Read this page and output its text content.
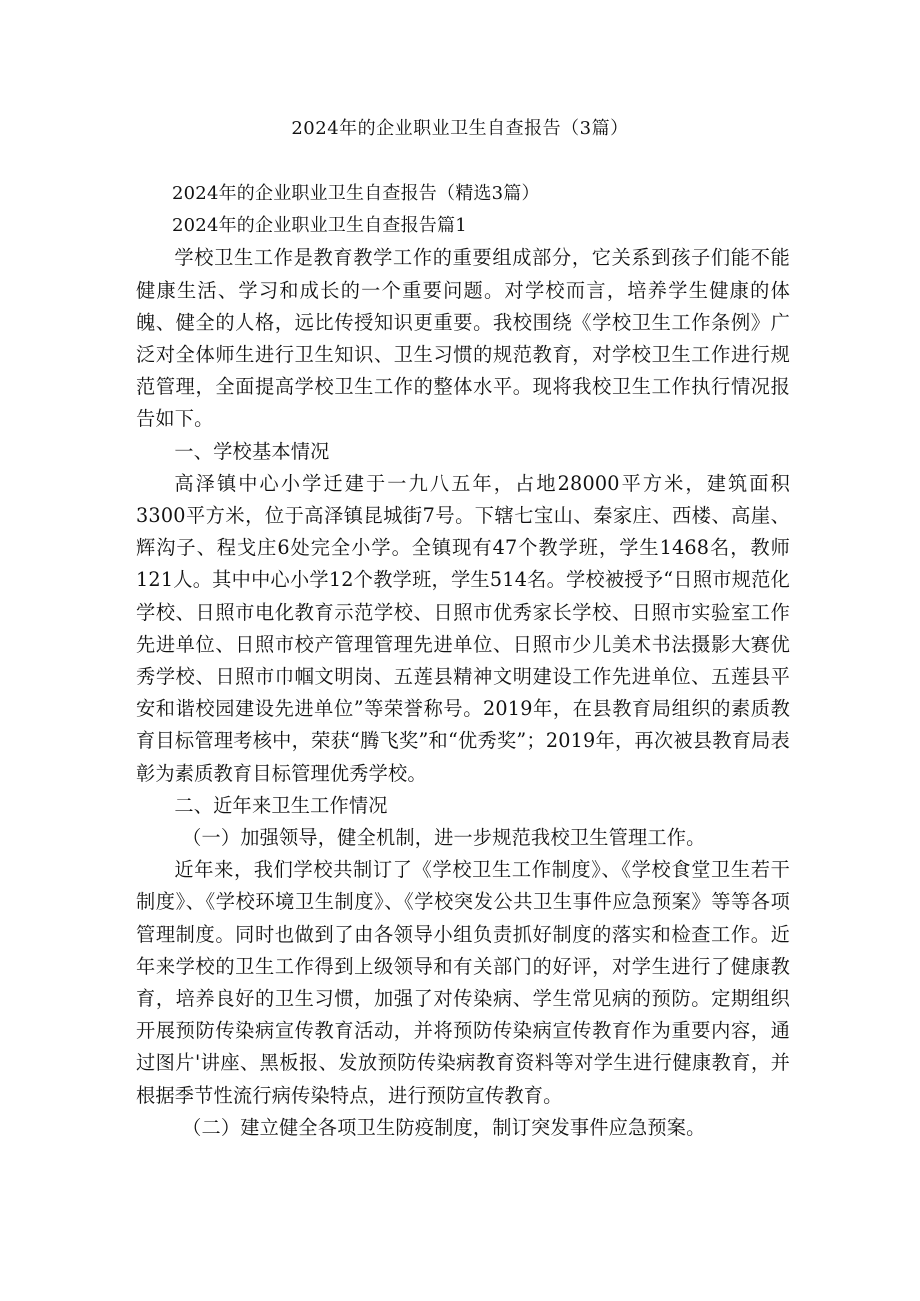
2024年的企业职业卫生自查报告（3篇）

2024年的企业职业卫生自查报告（精选3篇）

2024年的企业职业卫生自查报告篇1

学校卫生工作是教育教学工作的重要组成部分，它关系到孩子们能不能健康生活、学习和成长的一个重要问题。对学校而言，培养学生健康的体魄、健全的人格，远比传授知识更重要。我校围绕《学校卫生工作条例》广泛对全体师生进行卫生知识、卫生习惯的规范教育，对学校卫生工作进行规范管理，全面提高学校卫生工作的整体水平。现将我校卫生工作执行情况报告如下。

一、学校基本情况

高泽镇中心小学迁建于一九八五年，占地28000平方米，建筑面积3300平方米，位于高泽镇昆城街7号。下辖七宝山、秦家庄、西楼、高崖、辉沟子、程戈庄6处完全小学。全镇现有47个教学班，学生1468名，教师121人。其中中心小学12个教学班，学生514名。学校被授予“日照市规范化学校、日照市电化教育示范学校、日照市优秀家长学校、日照市实验室工作先进单位、日照市校产管理管理先进单位、日照市少儿美术书法摄影大赛优秀学校、日照市巾帼文明岗、五莲县精神文明建设工作先进单位、五莲县平安和谐校园建设先进单位”等荣誉称号。2019年，在县教育局组织的素质教育目标管理考核中，荣获“腾飞奖”和“优秀奖”；2019年，再次被县教育局表彰为素质教育目标管理优秀学校。

二、近年来卫生工作情况

（一）加强领导，健全机制，进一步规范我校卫生管理工作。

近年来，我们学校共制订了《学校卫生工作制度》、《学校食堂卫生若干制度》、《学校环境卫生制度》、《学校突发公共卫生事件应急预案》等等各项管理制度。同时也做到了由各领导小组负责抓好制度的落实和检查工作。近年来学校的卫生工作得到上级领导和有关部门的好评，对学生进行了健康教育，培养良好的卫生习惯，加强了对传染病、学生常见病的预防。定期组织开展预防传染病宣传教育活动，并将预防传染病宣传教育作为重要内容，通过图片'讲座、黑板报、发放预防传染病教育资料等对学生进行健康教育，并根据季节性流行病传染特点，进行预防宣传教育。

（二）建立健全各项卫生防疫制度，制订突发事件应急预案。
